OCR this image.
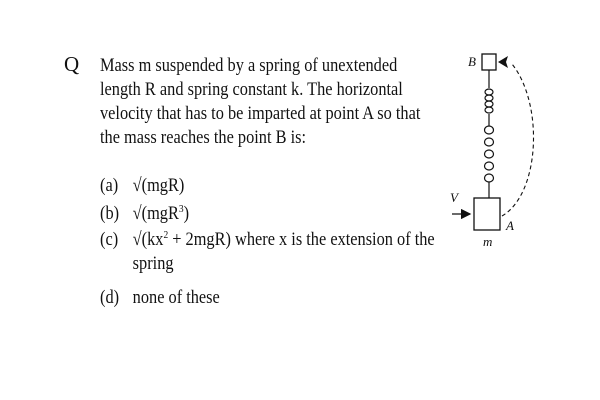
Q Mass m suspended by a spring of unextended
length R and spring constant k. The horizontal
velocity that has to be imparted at point A so that
the mass reaches the point B is:
(a) √(mgR)
(b) √(mgR$^3$)
(c) $√(kx^2 + 2mgR)$ where x is the extension of the
spring
(d) none of these
B
V
A
m
